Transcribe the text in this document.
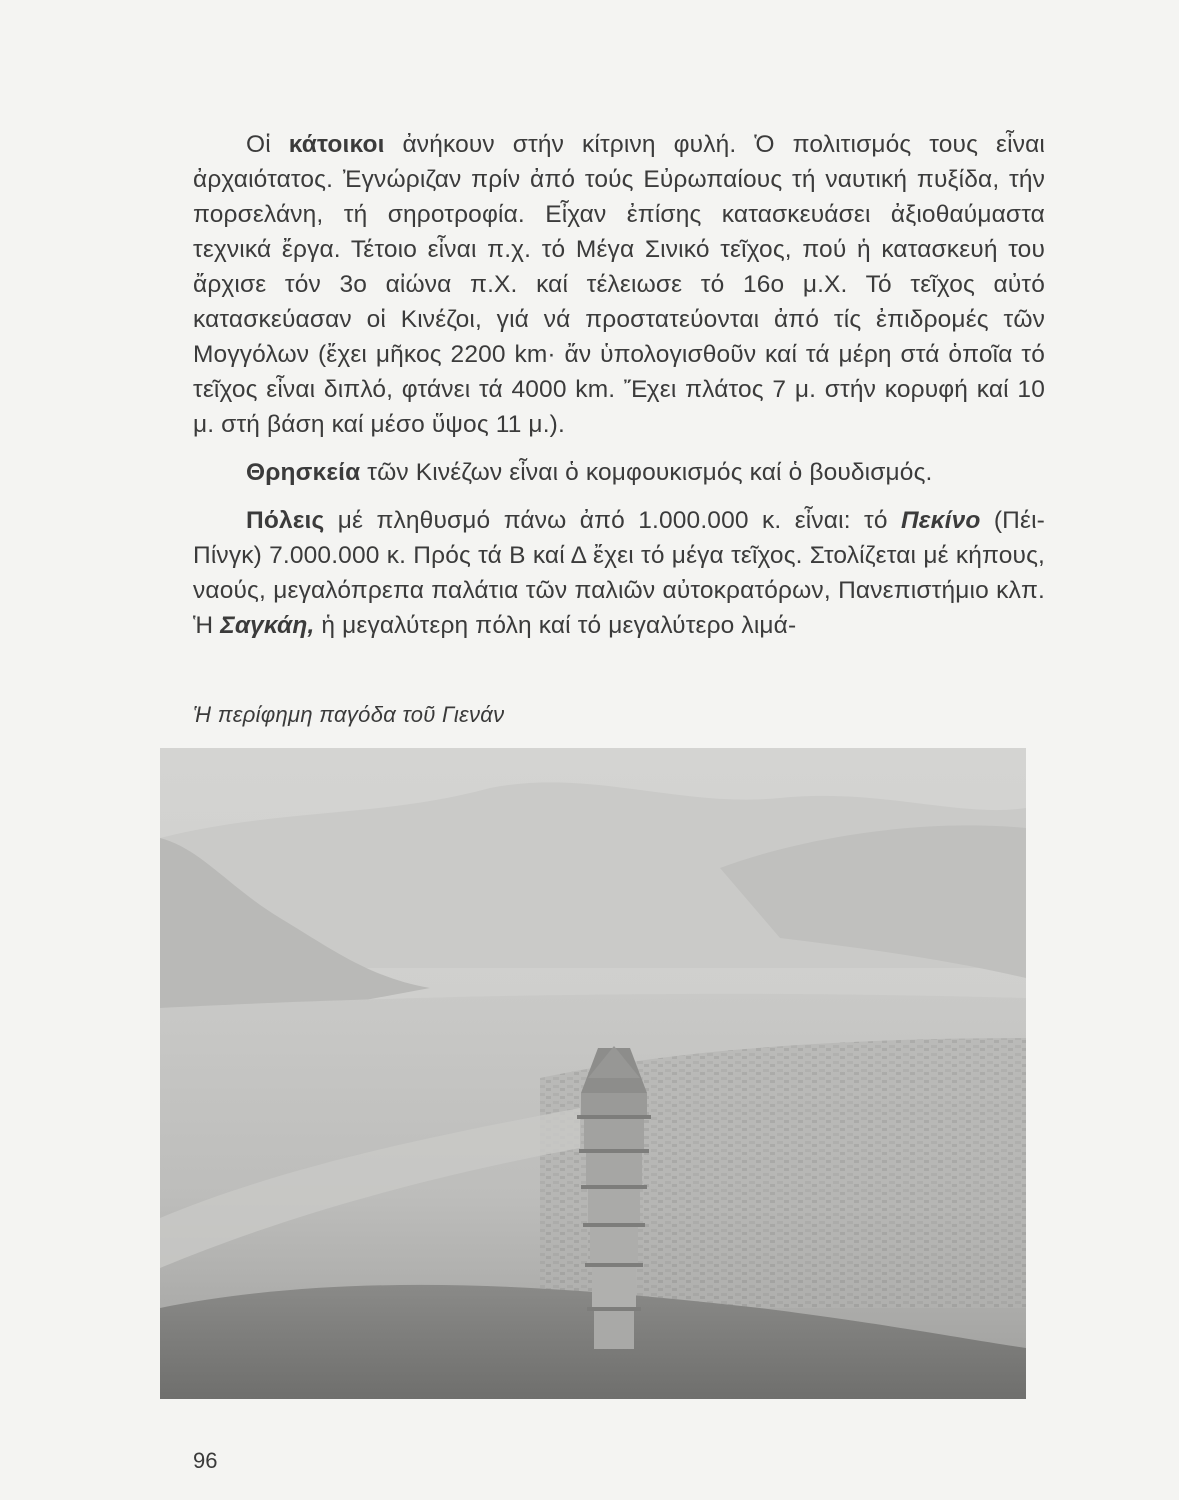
Οἱ κάτοικοι ἀνήκουν στήν κίτρινη φυλή. Ὁ πολιτισμός τους εἶναι ἀρχαιότατος. Ἐγνώριζαν πρίν ἀπό τούς Εὐρωπαίους τή ναυτική πυξίδα, τήν πορσελάνη, τή σηροτροφία. Εἶχαν ἐπίσης κατασκευάσει ἀξιοθαύμαστα τεχνικά ἔργα. Τέτοιο εἶναι π.χ. τό Μέγα Σινικό τεῖχος, πού ἡ κατασκευή του ἄρχισε τόν 3ο αἰώνα π.Χ. καί τέλειωσε τό 16ο μ.Χ. Τό τεῖχος αὐτό κατασκεύασαν οἱ Κινέζοι, γιά νά προστατεύονται ἀπό τίς ἐπιδρομές τῶν Μογγόλων (ἔχει μῆκος 2200 km· ἄν ὑπολογισθοῦν καί τά μέρη στά ὁποῖα τό τεῖχος εἶναι διπλό, φτάνει τά 4000 km. Ἔχει πλάτος 7 μ. στήν κορυφή καί 10 μ. στή βάση καί μέσο ὕψος 11 μ.).

Θρησκεία τῶν Κινέζων εἶναι ὁ κομφουκισμός καί ὁ βουδισμός.

Πόλεις μέ πληθυσμό πάνω ἀπό 1.000.000 κ. εἶναι: τό Πεκίνο (Πέι-Πίνγκ) 7.000.000 κ. Πρός τά Β καί Δ ἔχει τό μέγα τεῖχος. Στολίζεται μέ κήπους, ναούς, μεγαλόπρεπα παλάτια τῶν παλιῶν αὐτοκρατόρων, Πανεπιστήμιο κλπ. Ἡ Σαγκάη, ἡ μεγαλύτερη πόλη καί τό μεγαλύτερο λιμά-

Ἡ περίφημη παγόδα τοῦ Γιενάν
96
